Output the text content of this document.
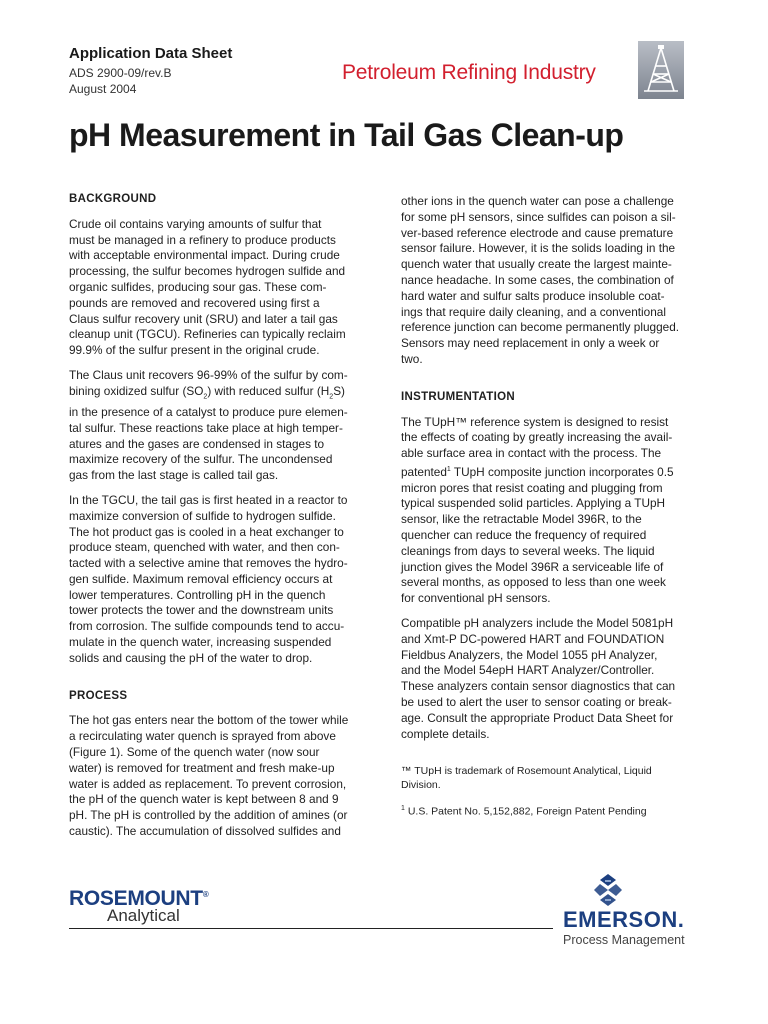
Application Data Sheet
ADS 2900-09/rev.B
August 2004
Petroleum Refining Industry
pH Measurement in Tail Gas Clean-up
BACKGROUND

Crude oil contains varying amounts of sulfur that
must be managed in a refinery to produce products
with acceptable environmental impact. During crude
processing, the sulfur becomes hydrogen sulfide and
organic sulfides, producing sour gas. These com-
pounds are removed and recovered using first a
Claus sulfur recovery unit (SRU) and later a tail gas
cleanup unit (TGCU). Refineries can typically reclaim
99.9% of the sulfur present in the original crude.

The Claus unit recovers 96-99% of the sulfur by com-
bining oxidized sulfur $(SO_2)$ with reduced sulfur $(H_2S)$
in the presence of a catalyst to produce pure elemen-
tal sulfur. These reactions take place at high temper-
atures and the gases are condensed in stages to
maximize recovery of the sulfur. The uncondensed
gas from the last stage is called tail gas.

In the TGCU, the tail gas is first heated in a reactor to
maximize conversion of sulfide to hydrogen sulfide.
The hot product gas is cooled in a heat exchanger to
produce steam, quenched with water, and then con-
tacted with a selective amine that removes the hydro-
gen sulfide. Maximum removal efficiency occurs at
lower temperatures. Controlling pH in the quench
tower protects the tower and the downstream units
from corrosion. The sulfide compounds tend to accu-
mulate in the quench water, increasing suspended
solids and causing the pH of the water to drop.

PROCESS

The hot gas enters near the bottom of the tower while
a recirculating water quench is sprayed from above
(Figure 1). Some of the quench water (now sour
water) is removed for treatment and fresh make-up
water is added as replacement. To prevent corrosion,
the pH of the quench water is kept between 8 and 9
pH. The pH is controlled by the addition of amines (or
caustic). The accumulation of dissolved sulfides and

other ions in the quench water can pose a challenge
for some pH sensors, since sulfides can poison a sil-
ver-based reference electrode and cause premature
sensor failure. However, it is the solids loading in the
quench water that usually create the largest mainte-
nance headache. In some cases, the combination of
hard water and sulfur salts produce insoluble coat-
ings that require daily cleaning, and a conventional
reference junction can become permanently plugged.
Sensors may need replacement in only a week or
two.

INSTRUMENTATION

The TUpH™ reference system is designed to resist
the effects of coating by greatly increasing the avail-
able surface area in contact with the process. The
patented$^1$ TUpH composite junction incorporates 0.5
micron pores that resist coating and plugging from
typical suspended solid particles. Applying a TUpH
sensor, like the retractable Model 396R, to the
quencher can reduce the frequency of required
cleanings from days to several weeks. The liquid
junction gives the Model 396R a serviceable life of
several months, as opposed to less than one week
for conventional pH sensors.

Compatible pH analyzers include the Model 5081pH
and Xmt-P DC-powered HART and FOUNDATION
Fieldbus Analyzers, the Model 1055 pH Analyzer,
and the Model 54epH HART Analyzer/Controller.
These analyzers contain sensor diagnostics that can
be used to alert the user to sensor coating or break-
age. Consult the appropriate Product Data Sheet for
complete details.

™ TUpH is trademark of Rosemount Analytical, Liquid Division.
$^1$ U.S. Patent No. 5,152,882, Foreign Patent Pending
ROSEMOUNT®
Analytical	EMERSON.
Process Management
